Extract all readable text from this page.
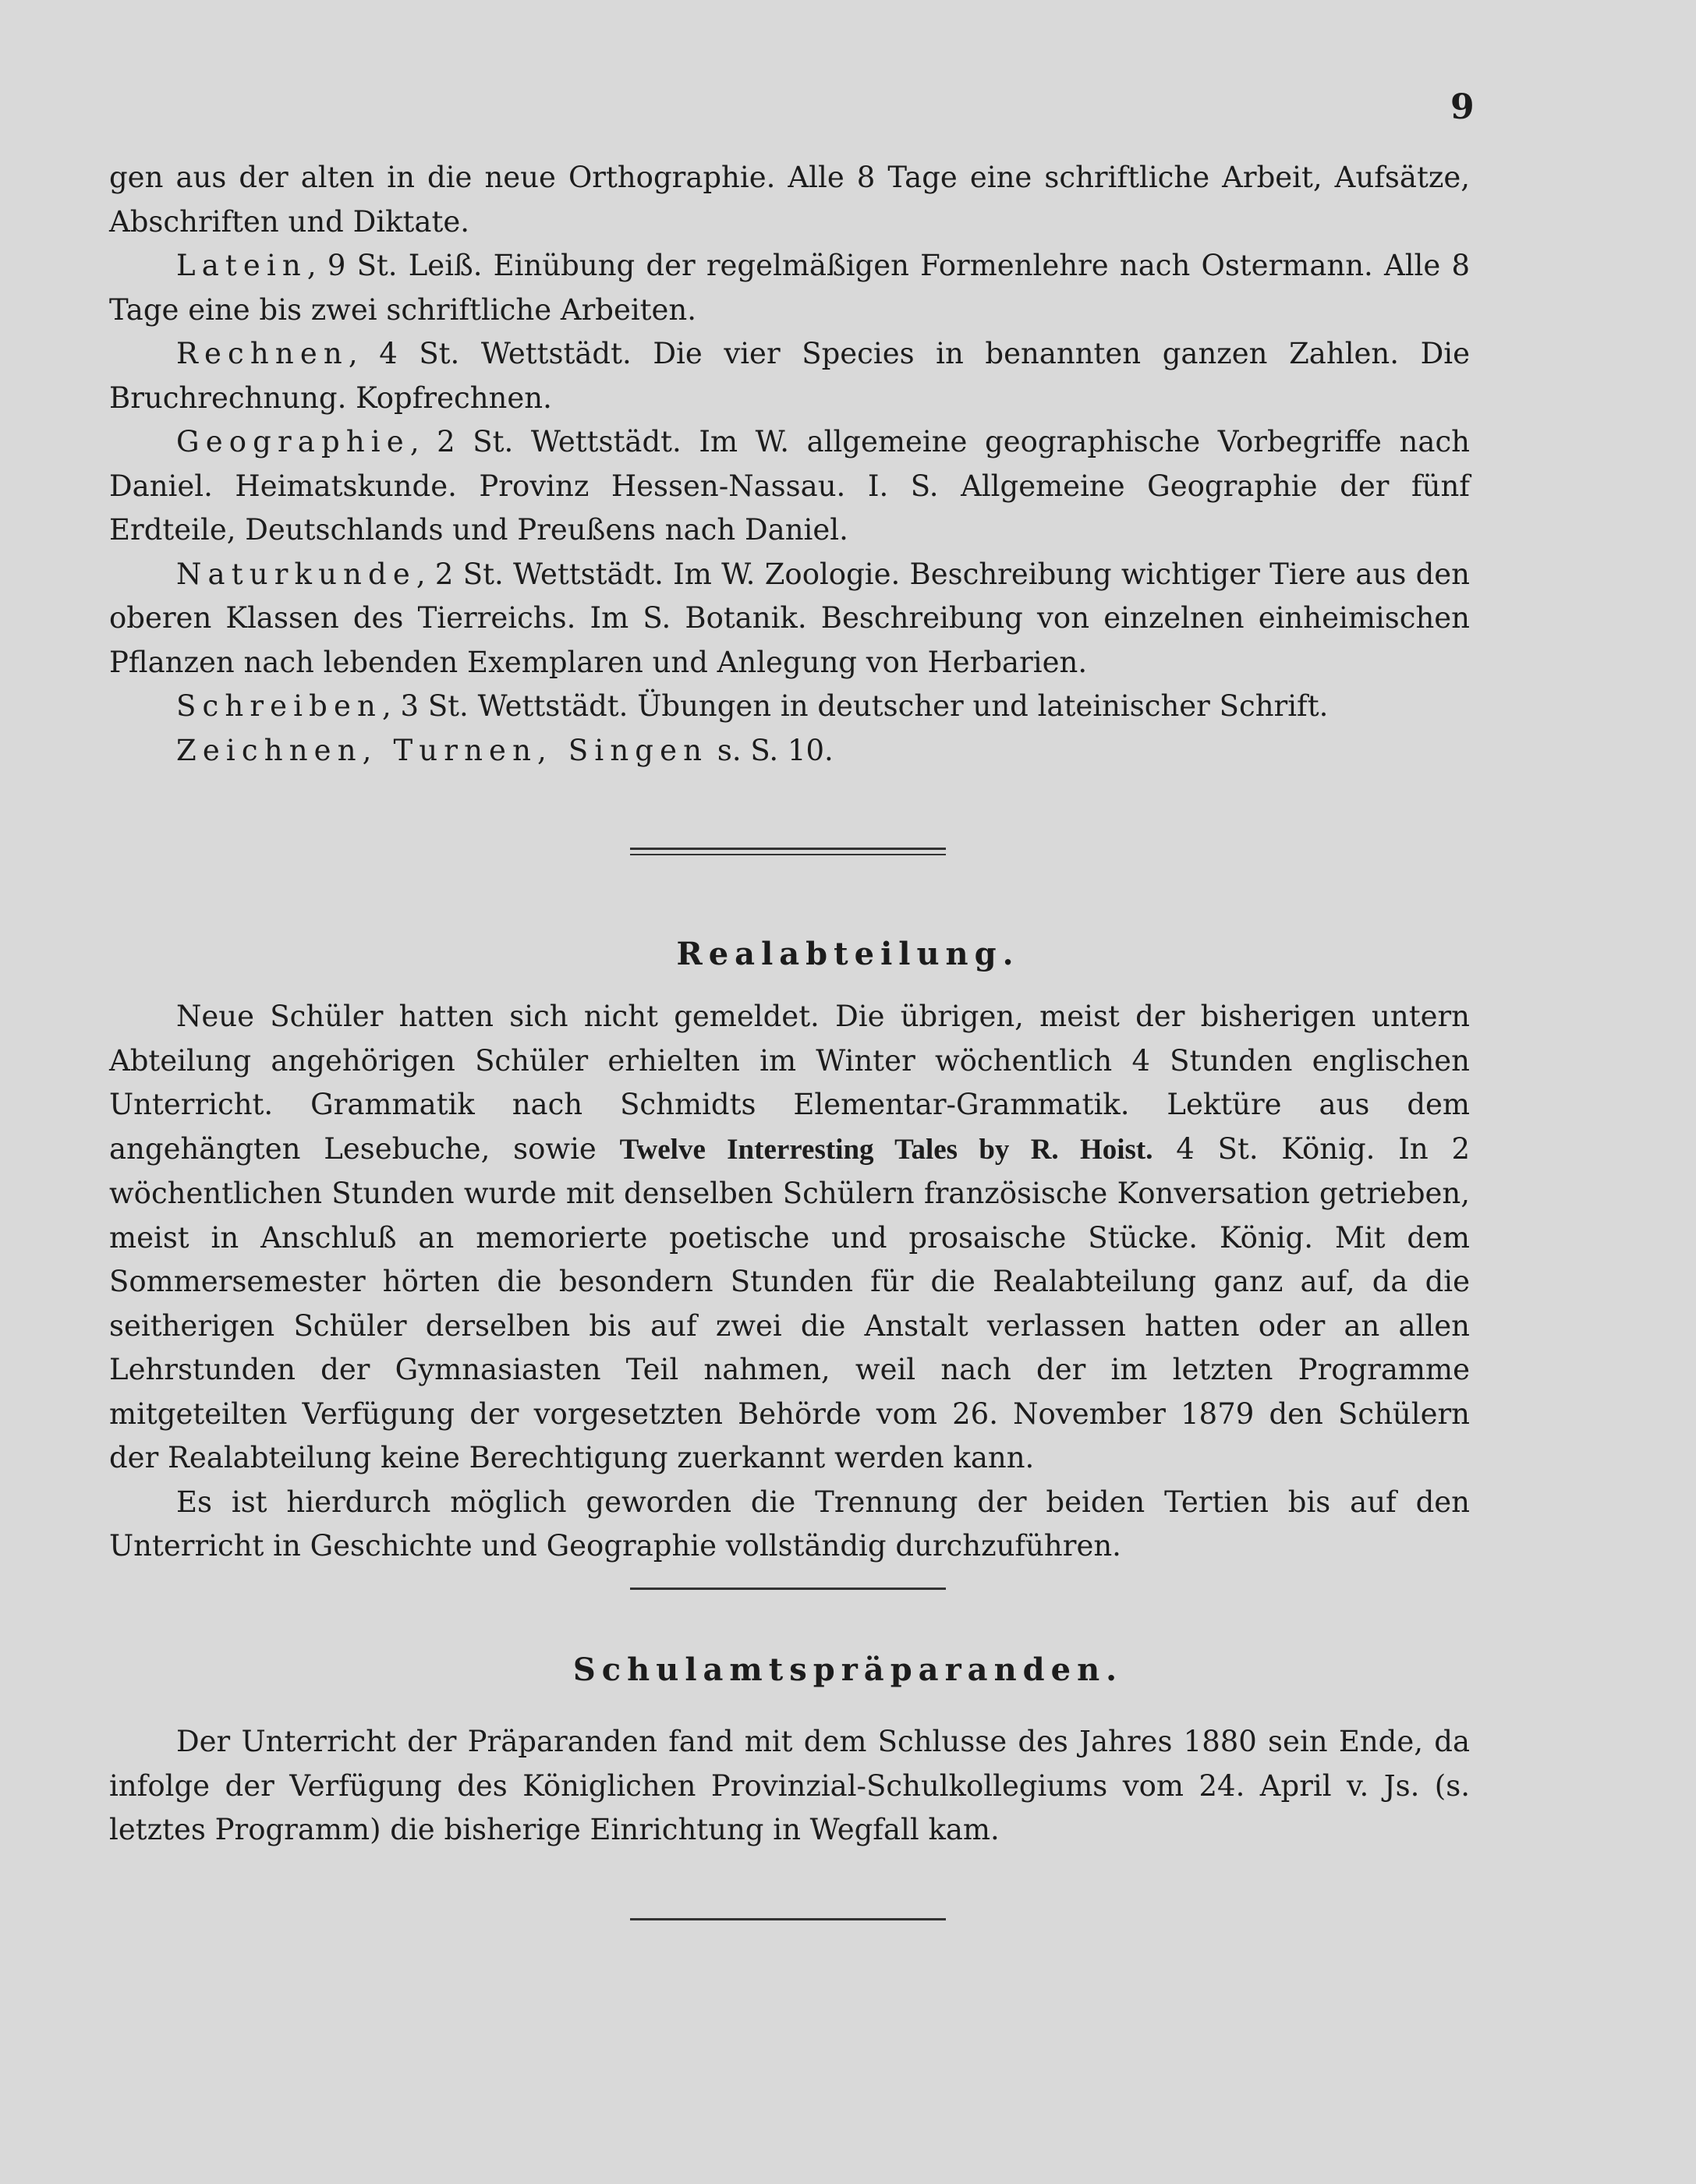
9

gen aus der alten in die neue Orthographie. Alle 8 Tage eine schriftliche Arbeit, Aufsätze, Abschriften und Diktate.

Latein, 9 St. Leiß. Einübung der regelmäßigen Formenlehre nach Ostermann. Alle 8 Tage eine bis zwei schriftliche Arbeiten.

Rechnen, 4 St. Wettstädt. Die vier Species in benannten ganzen Zahlen. Die Bruchrechnung. Kopfrechnen.

Geographie, 2 St. Wettstädt. Im W. allgemeine geographische Vorbegriffe nach Daniel. Heimatskunde. Provinz Hessen-Nassau. I. S. Allgemeine Geographie der fünf Erdteile, Deutschlands und Preußens nach Daniel.

Naturkunde, 2 St. Wettstädt. Im W. Zoologie. Beschreibung wichtiger Tiere aus den oberen Klassen des Tierreichs. Im S. Botanik. Beschreibung von einzelnen einheimischen Pflanzen nach lebenden Exemplaren und Anlegung von Herbarien.

Schreiben, 3 St. Wettstädt. Übungen in deutscher und lateinischer Schrift.

Zeichnen, Turnen, Singen s. S. 10.

Realabteilung.

Neue Schüler hatten sich nicht gemeldet. Die übrigen, meist der bisherigen untern Abteilung angehörigen Schüler erhielten im Winter wöchentlich 4 Stunden englischen Unterricht. Grammatik nach Schmidts Elementar-Grammatik. Lektüre aus dem angehängten Lesebuche, sowie Twelve Interresting Tales by R. Hoist. 4 St. König. In 2 wöchentlichen Stunden wurde mit denselben Schülern französische Konversation getrieben, meist in Anschluß an memorierte poetische und prosaische Stücke. König. Mit dem Sommersemester hörten die besondern Stunden für die Realabteilung ganz auf, da die seitherigen Schüler derselben bis auf zwei die Anstalt verlassen hatten oder an allen Lehrstunden der Gymnasiasten Teil nahmen, weil nach der im letzten Programme mitgeteilten Verfügung der vorgesetzten Behörde vom 26. November 1879 den Schülern der Realabteilung keine Berechtigung zuerkannt werden kann.

Es ist hierdurch möglich geworden die Trennung der beiden Tertien bis auf den Unterricht in Geschichte und Geographie vollständig durchzuführen.

Schulamtspräparanden.

Der Unterricht der Präparanden fand mit dem Schlusse des Jahres 1880 sein Ende, da infolge der Verfügung des Königlichen Provinzial-Schulkollegiums vom 24. April v. Js. (s. letztes Programm) die bisherige Einrichtung in Wegfall kam.
